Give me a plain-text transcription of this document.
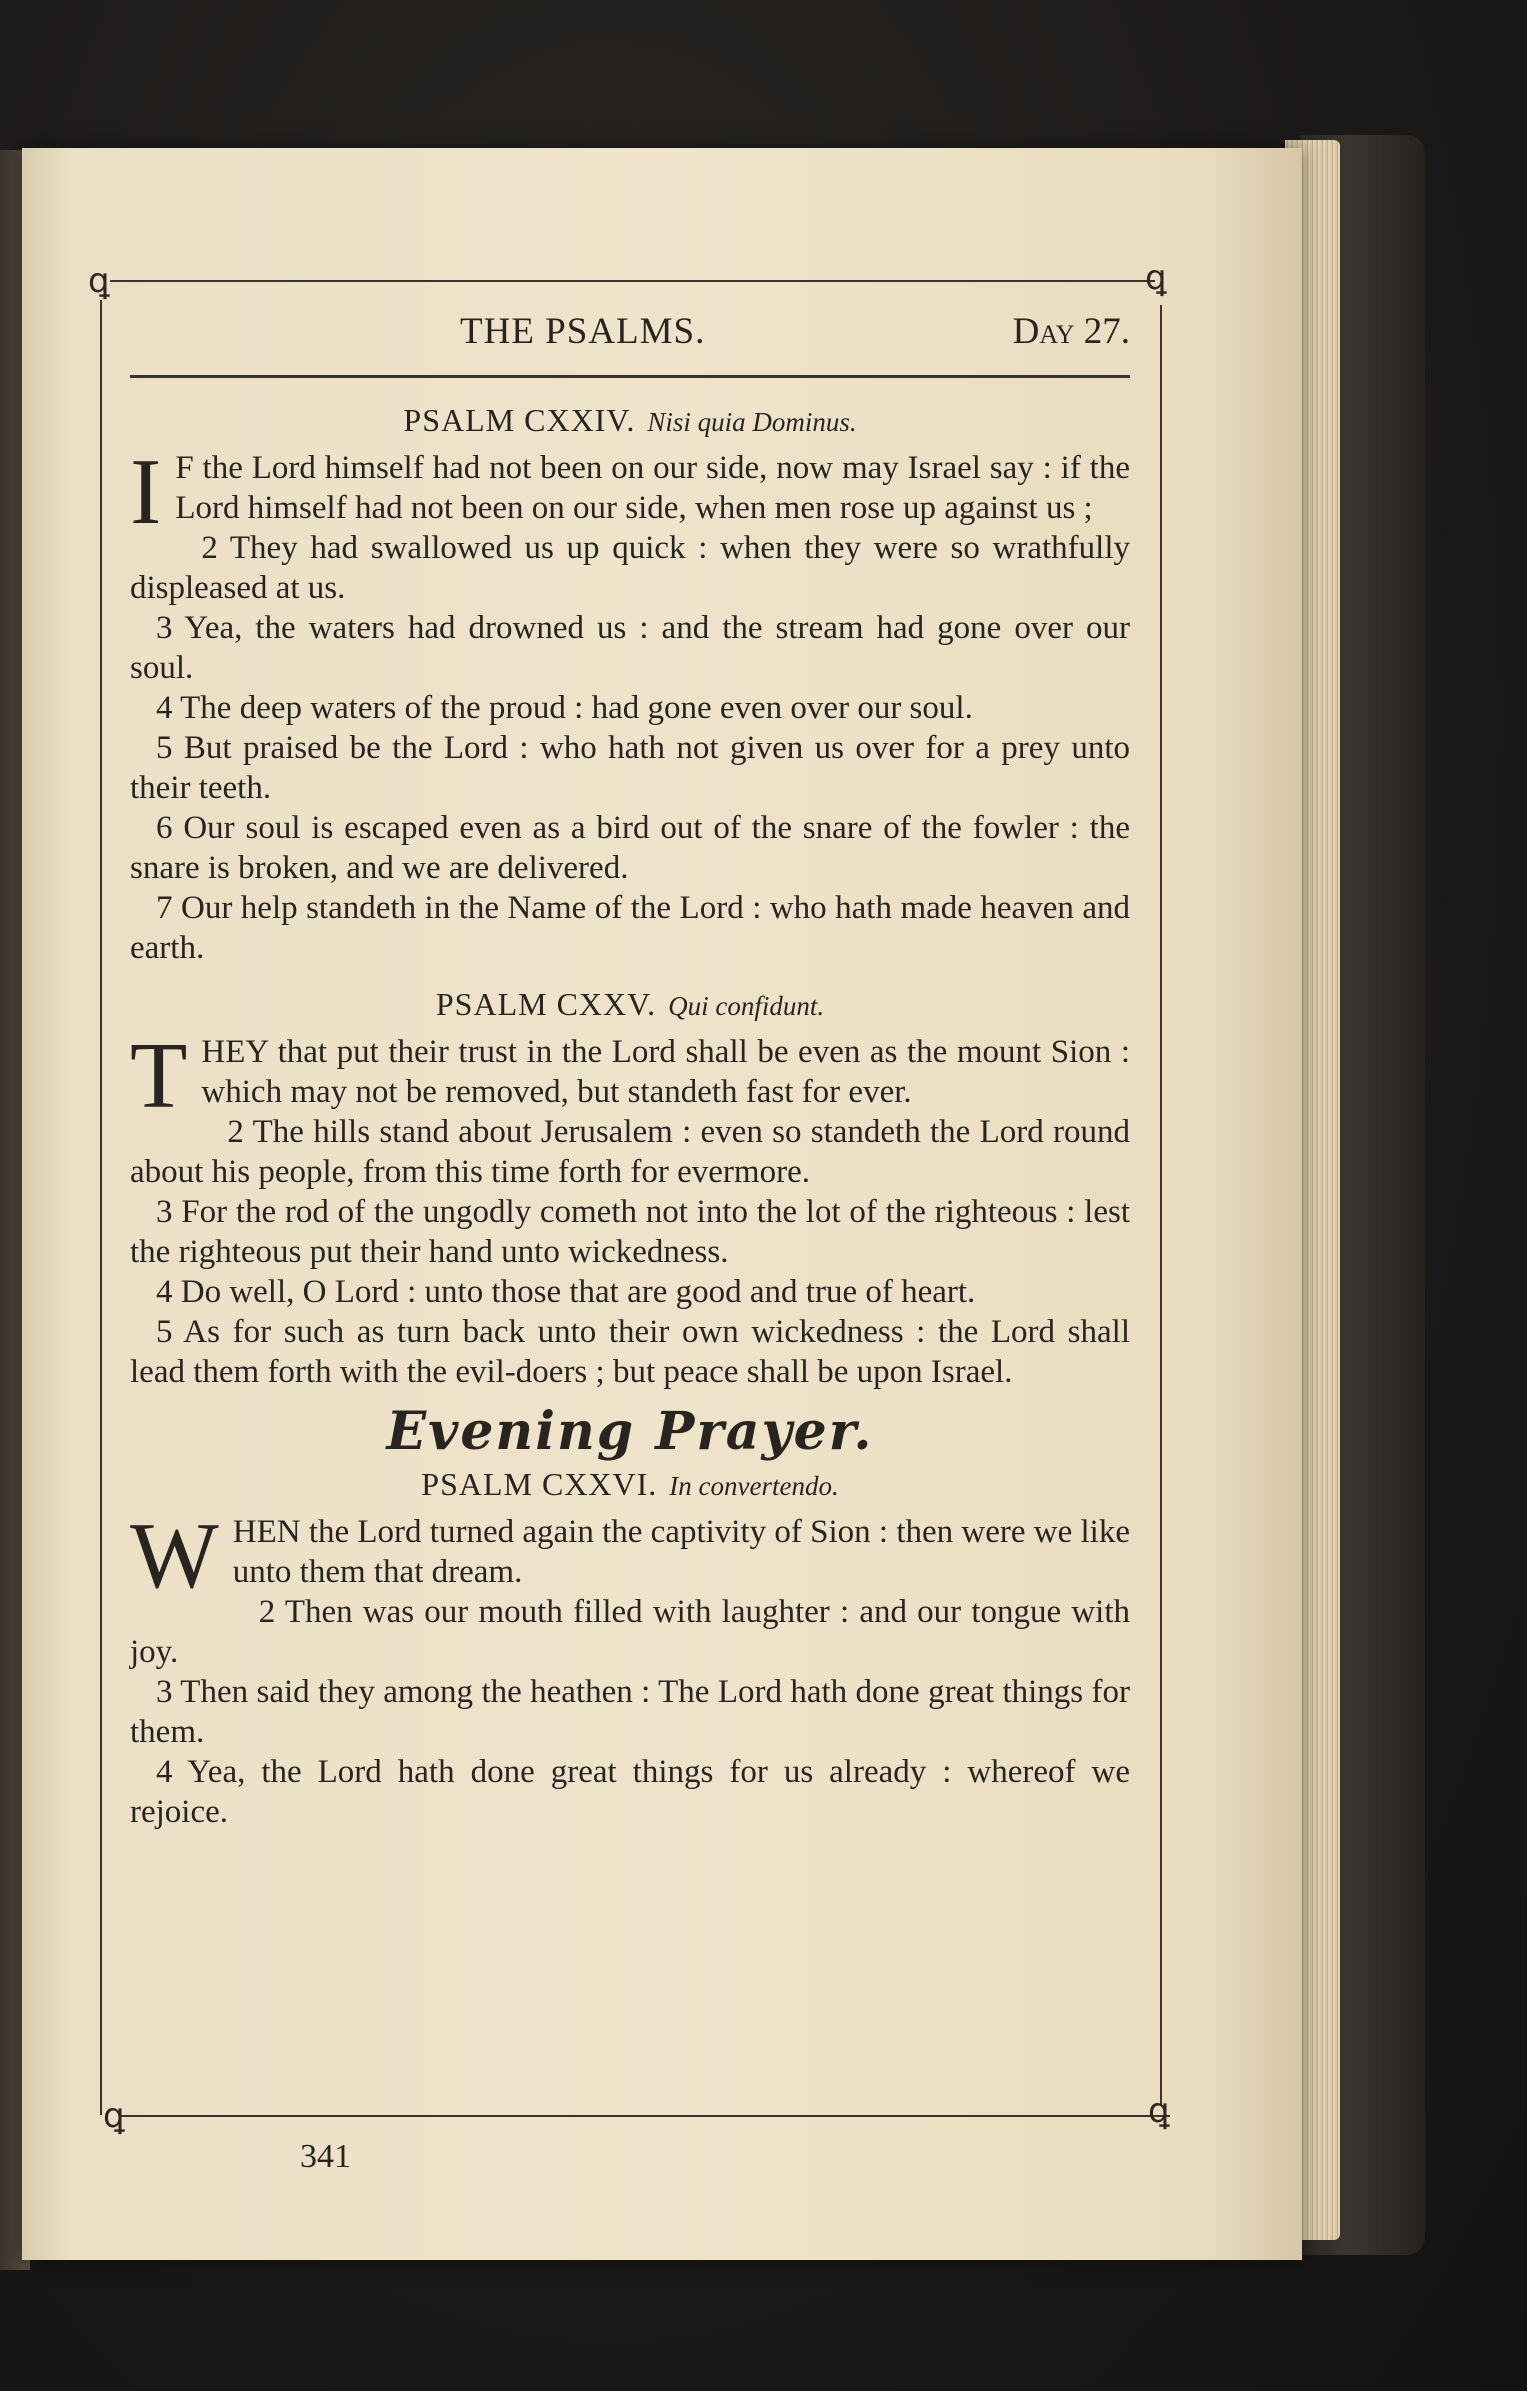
ꝗ	ꝗ
ꝗ	ꝗ
THE PSALMS.	Day 27.
PSALM CXXIV. Nisi quia Dominus.

I F the Lord himself had not been on our side, now may Israel say : if the Lord himself had not been on our side, when men rose up against us ;

2 They had swallowed us up quick : when they were so wrathfully displeased at us.

3 Yea, the waters had drowned us : and the stream had gone over our soul.

4 The deep waters of the proud : had gone even over our soul.

5 But praised be the Lord : who hath not given us over for a prey unto their teeth.

6 Our soul is escaped even as a bird out of the snare of the fowler : the snare is broken, and we are delivered.

7 Our help standeth in the Name of the Lord : who hath made heaven and earth.

PSALM CXXV. Qui confidunt.

THEY that put their trust in the Lord shall be even as the mount Sion : which may not be removed, but standeth fast for ever.

2 The hills stand about Jerusalem : even so standeth the Lord round about his people, from this time forth for evermore.

3 For the rod of the ungodly cometh not into the lot of the righteous : lest the righteous put their hand unto wickedness.

4 Do well, O Lord : unto those that are good and true of heart.

5 As for such as turn back unto their own wickedness : the Lord shall lead them forth with the evil-doers ; but peace shall be upon Israel.

Evening Prayer.
PSALM CXXVI. In convertendo.

WHEN the Lord turned again the captivity of Sion : then were we like unto them that dream.

2 Then was our mouth filled with laughter : and our tongue with joy.

3 Then said they among the heathen : The Lord hath done great things for them.

4 Yea, the Lord hath done great things for us already : whereof we rejoice.

341
